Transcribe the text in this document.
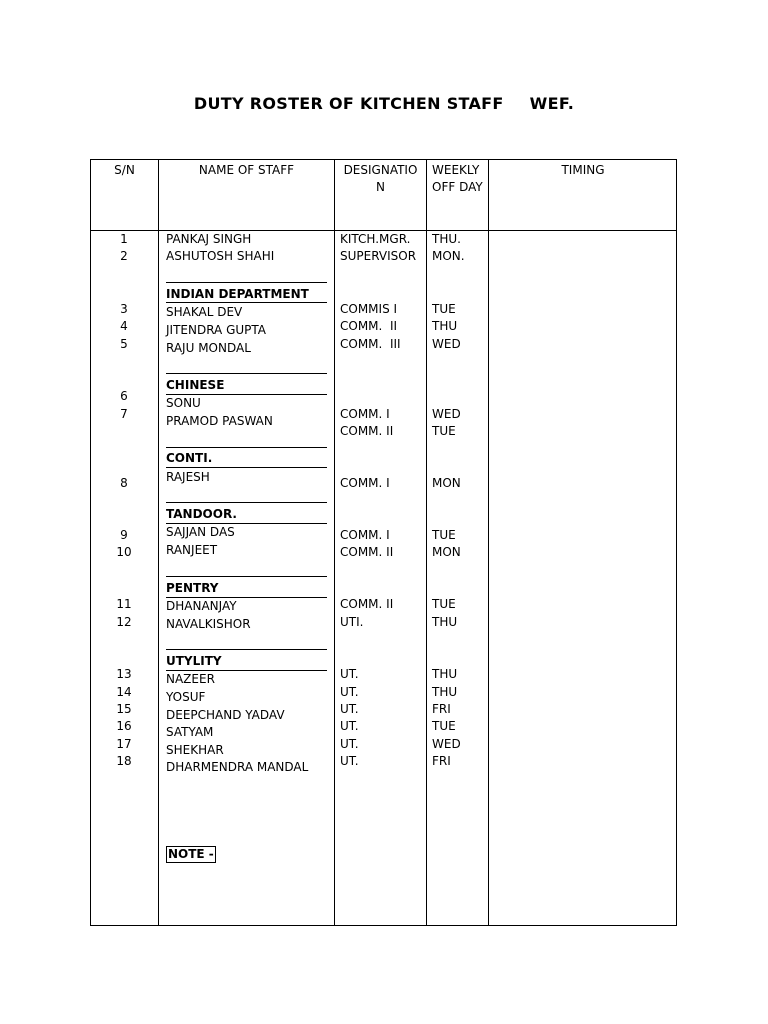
DUTY ROSTER OF KITCHEN STAFF WEF.
S/N	NAME OF STAFF	DESIGNATIO
N
WEEKLY
OFF DAY
TIMING
INDIAN DEPARTMENT
CHINESE
CONTI.
TANDOOR.
PENTRY
UTYLITY
1
2
3
4
5
6
7
8
9
10
11
12
13
14
15
16
17
18
PANKAJ SINGH
ASHUTOSH SHAHI
SHAKAL DEV
JITENDRA GUPTA
RAJU MONDAL
SONU
PRAMOD PASWAN
RAJESH
SAJJAN DAS
RANJEET
DHANANJAY
NAVALKISHOR
NAZEER
YOSUF
DEEPCHAND YADAV
SATYAM
SHEKHAR
DHARMENDRA MANDAL
KITCH.MGR.
SUPERVISOR
COMMIS I
COMM.  II
COMM.  III
COMM. I
COMM. II
COMM. I
COMM. I
COMM. II
COMM. II
UTI.
UT.
UT.
UT.
UT.
UT.
UT.
THU.
MON.
TUE
THU
WED
WED
TUE
MON
TUE
MON
TUE
THU
THU
THU
FRI
TUE
WED
FRI
NOTE -
